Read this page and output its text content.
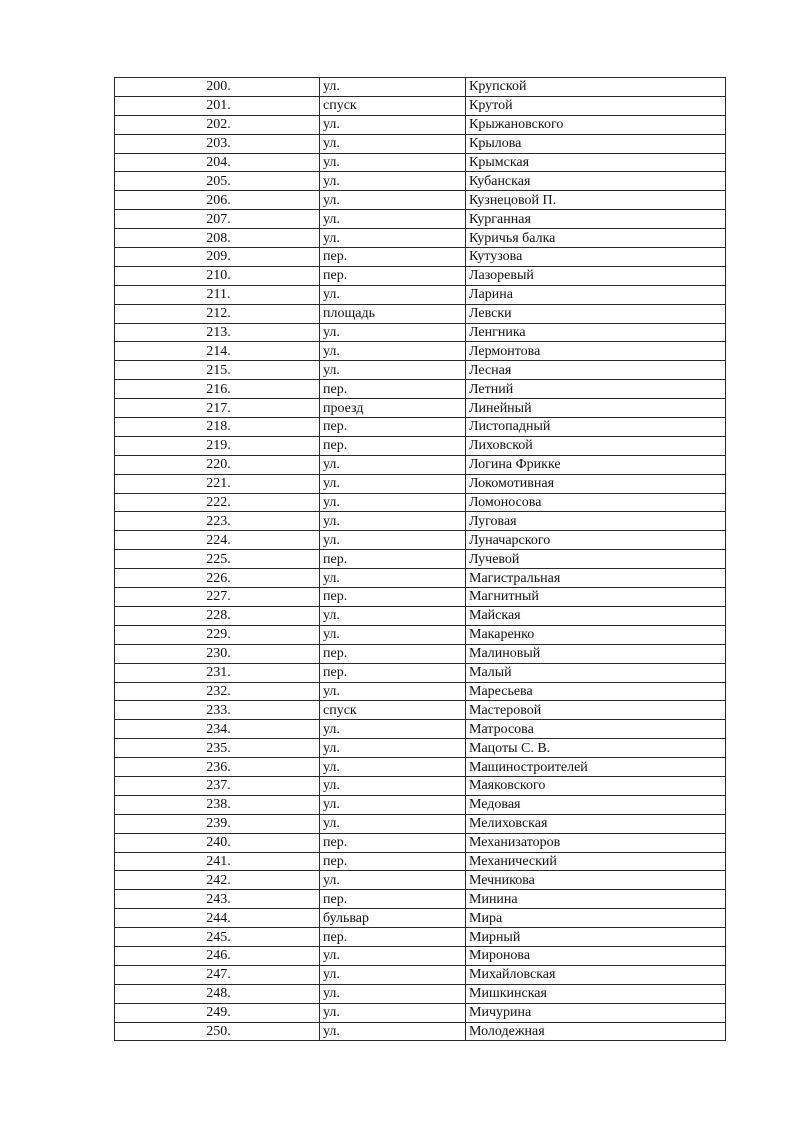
200.	ул.	Крупской
201.	спуск	Крутой
202.	ул.	Крыжановского
203.	ул.	Крылова
204.	ул.	Крымская
205.	ул.	Кубанская
206.	ул.	Кузнецовой П.
207.	ул.	Курганная
208.	ул.	Куричья балка
209.	пер.	Кутузова
210.	пер.	Лазоревый
211.	ул.	Ларина
212.	площадь	Левски
213.	ул.	Ленгника
214.	ул.	Лермонтова
215.	ул.	Лесная
216.	пер.	Летний
217.	проезд	Линейный
218.	пер.	Листопадный
219.	пер.	Лиховской
220.	ул.	Логина Фрикке
221.	ул.	Локомотивная
222.	ул.	Ломоносова
223.	ул.	Луговая
224.	ул.	Луначарского
225.	пер.	Лучевой
226.	ул.	Магистральная
227.	пер.	Магнитный
228.	ул.	Майская
229.	ул.	Макаренко
230.	пер.	Малиновый
231.	пер.	Малый
232.	ул.	Маресьева
233.	спуск	Мастеровой
234.	ул.	Матросова
235.	ул.	Мацоты С. В.
236.	ул.	Машиностроителей
237.	ул.	Маяковского
238.	ул.	Медовая
239.	ул.	Мелиховская
240.	пер.	Механизаторов
241.	пер.	Механический
242.	ул.	Мечникова
243.	пер.	Минина
244.	бульвар	Мира
245.	пер.	Мирный
246.	ул.	Миронова
247.	ул.	Михайловская
248.	ул.	Мишкинская
249.	ул.	Мичурина
250.	ул.	Молодежная
